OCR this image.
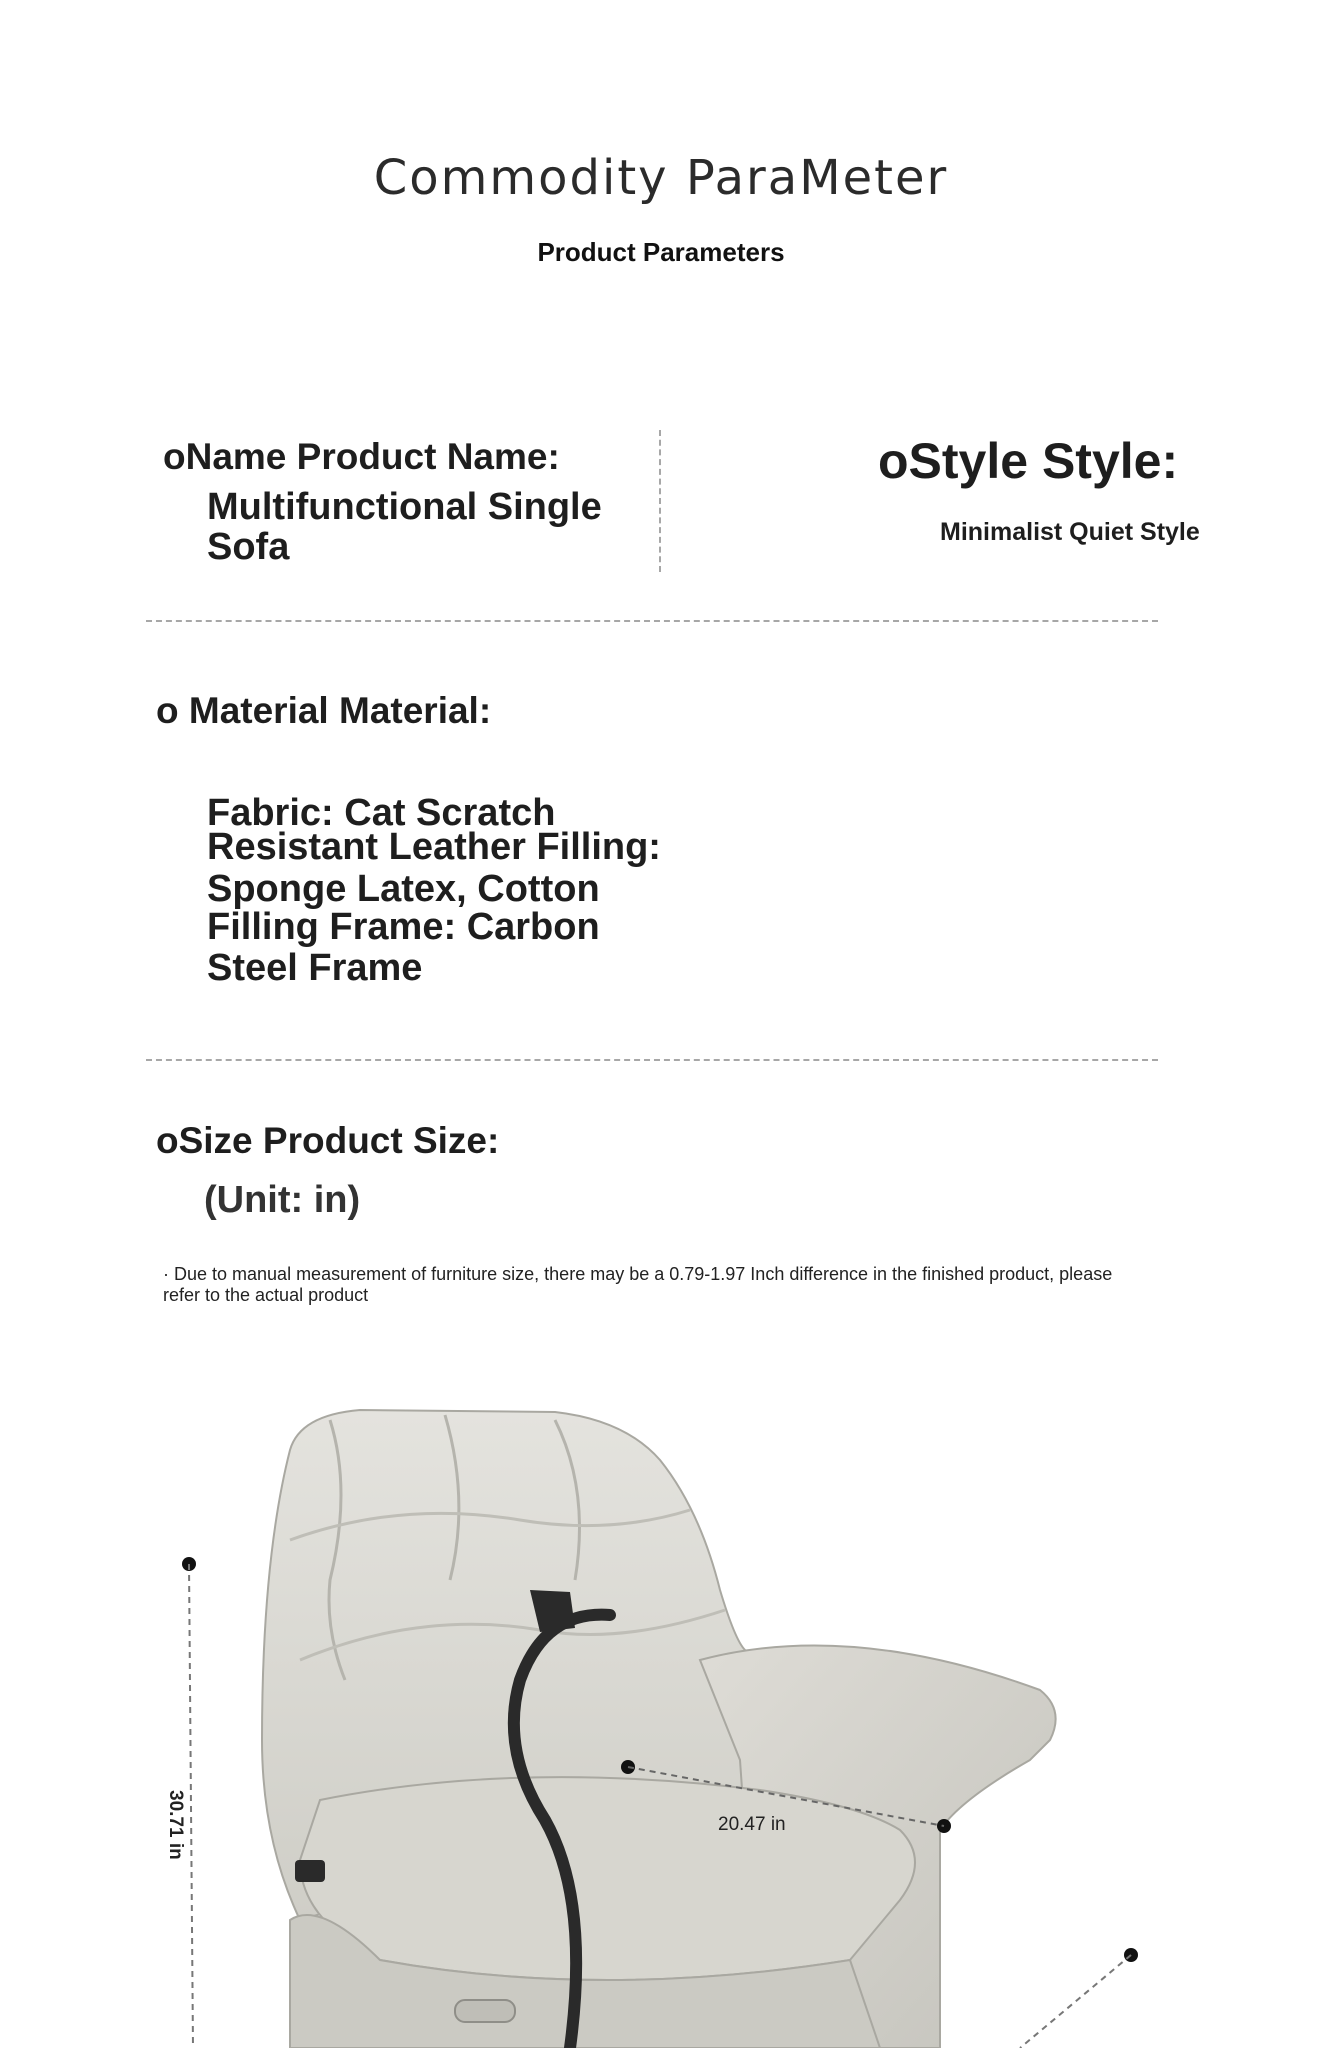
Commodity ParaMeter
Product Parameters
oName Product Name:
Multifunctional Single
Sofa
oStyle Style:
Minimalist Quiet Style
o Material Material:
Fabric: Cat Scratch
Resistant Leather Filling:
Sponge Latex, Cotton
Filling Frame: Carbon
Steel Frame
oSize Product Size:
(Unit: in)
· Due to manual measurement of furniture size, there may be a 0.79-1.97 Inch difference in the finished product, please refer to the actual product
30.71 in	20.47 in
